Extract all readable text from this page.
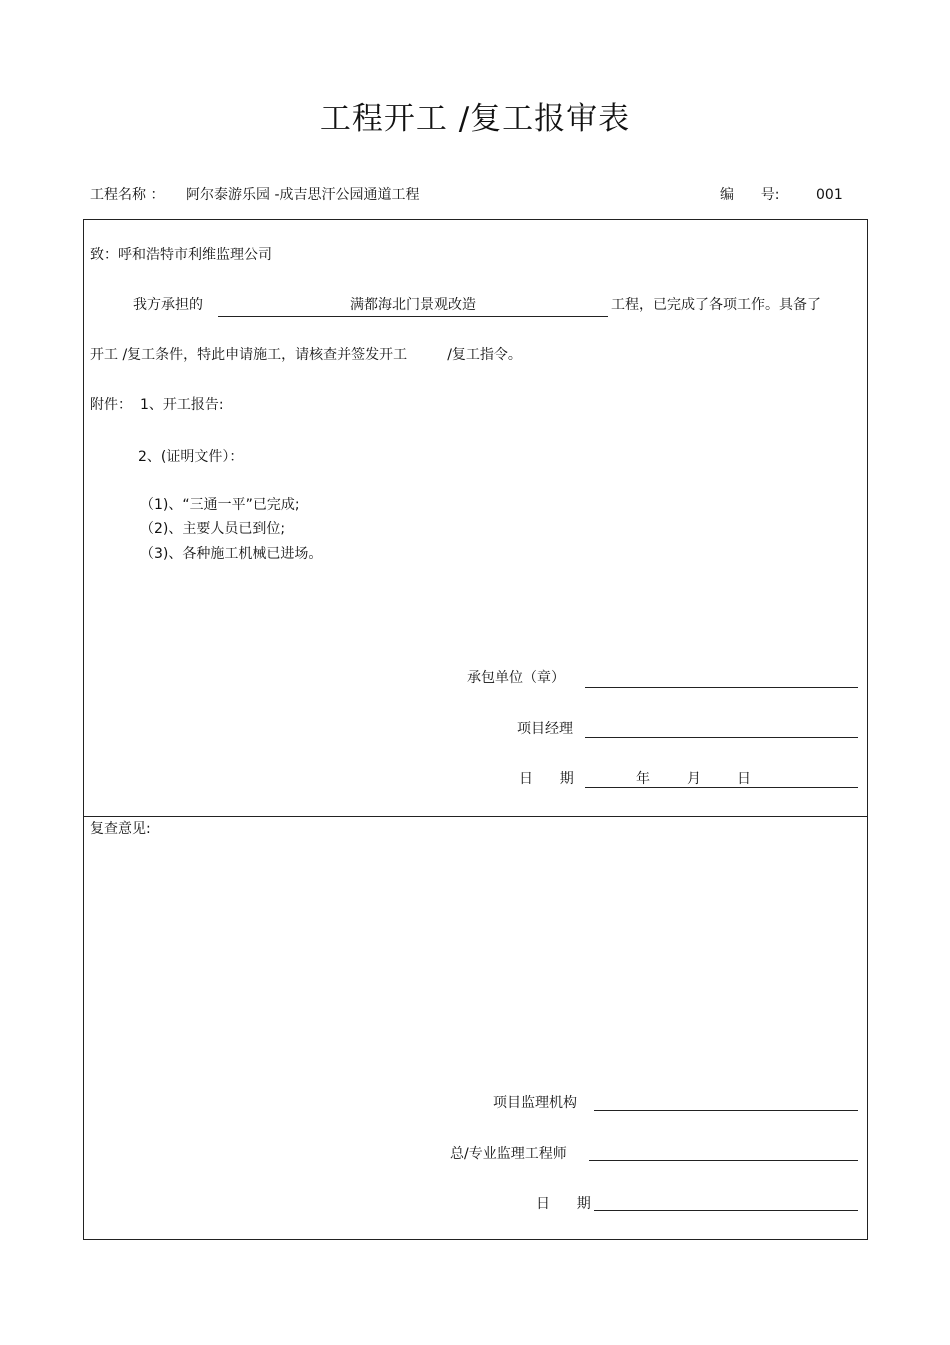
工程开工 /复工报审表
工程名称 ： 阿尔泰游乐园 -成吉思汗公园通道工程	编      号:	001
致：呼和浩特市利维监理公司
我方承担的	满都海北门景观改造	工程，已完成了各项工作。具备了
开工 /复工条件，特此申请施工，请核查并签发开工         /复工指令。
附件： 1、开工报告:
2、(证明文件）：
（1)、“三通一平”已完成;
（2)、主要人员已到位;
（3)、各种施工机械已进场。
承包单位（章）
项目经理
日      期	年	月	日
复查意见:
项目监理机构
总/专业监理工程师
日      期
